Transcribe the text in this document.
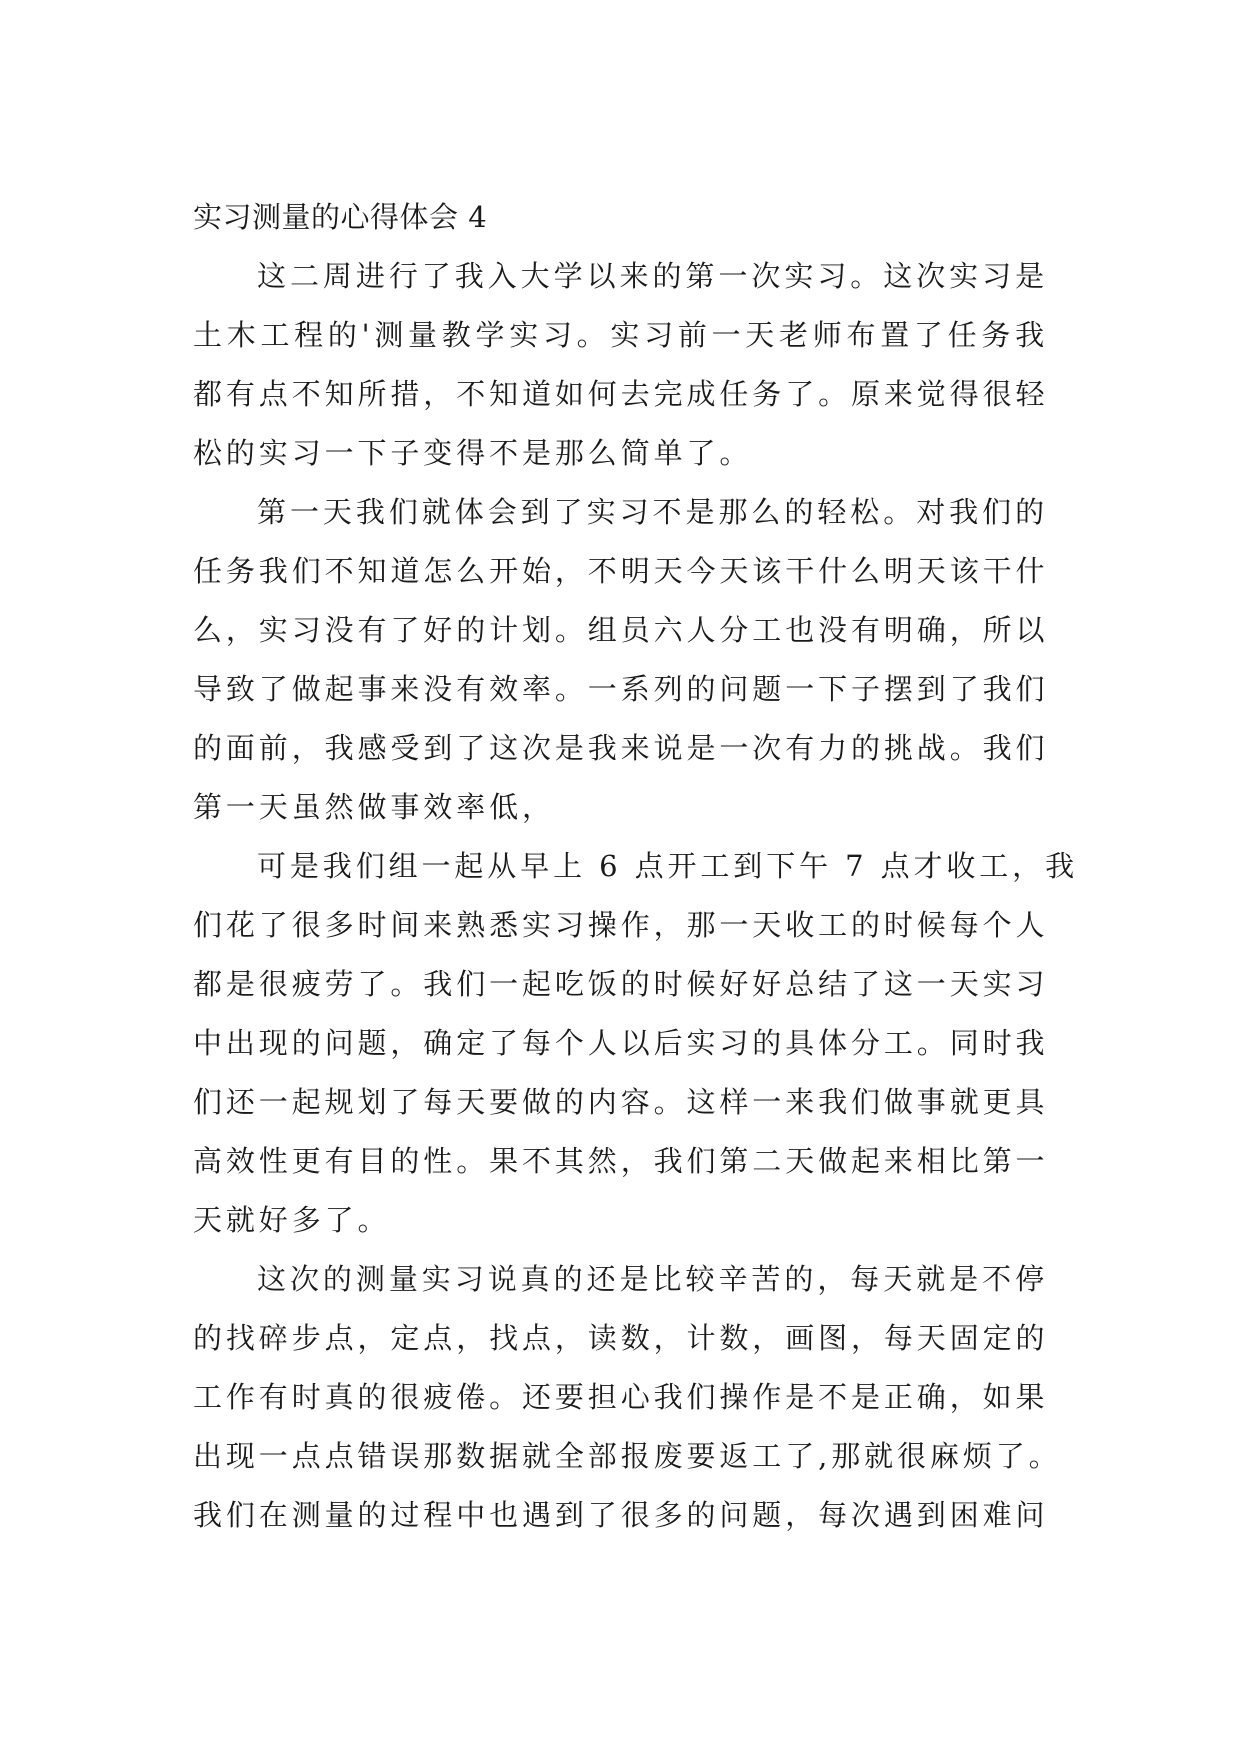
实习测量的心得体会 4
这二周进行了我入大学以来的第一次实习。这次实习是
土木工程的'测量教学实习。实习前一天老师布置了任务我
都有点不知所措，不知道如何去完成任务了。原来觉得很轻
松的实习一下子变得不是那么简单了。
第一天我们就体会到了实习不是那么的轻松。对我们的
任务我们不知道怎么开始，不明天今天该干什么明天该干什
么，实习没有了好的计划。组员六人分工也没有明确，所以
导致了做起事来没有效率。一系列的问题一下子摆到了我们
的面前，我感受到了这次是我来说是一次有力的挑战。我们
第一天虽然做事效率低，
可是我们组一起从早上 6 点开工到下午 7 点才收工，我
们花了很多时间来熟悉实习操作，那一天收工的时候每个人
都是很疲劳了。我们一起吃饭的时候好好总结了这一天实习
中出现的问题，确定了每个人以后实习的具体分工。同时我
们还一起规划了每天要做的内容。这样一来我们做事就更具
高效性更有目的性。果不其然，我们第二天做起来相比第一
天就好多了。
这次的测量实习说真的还是比较辛苦的，每天就是不停
的找碎步点，定点，找点，读数，计数，画图，每天固定的
工作有时真的很疲倦。还要担心我们操作是不是正确，如果
出现一点点错误那数据就全部报废要返工了,那就很麻烦了。
我们在测量的过程中也遇到了很多的问题，每次遇到困难问
